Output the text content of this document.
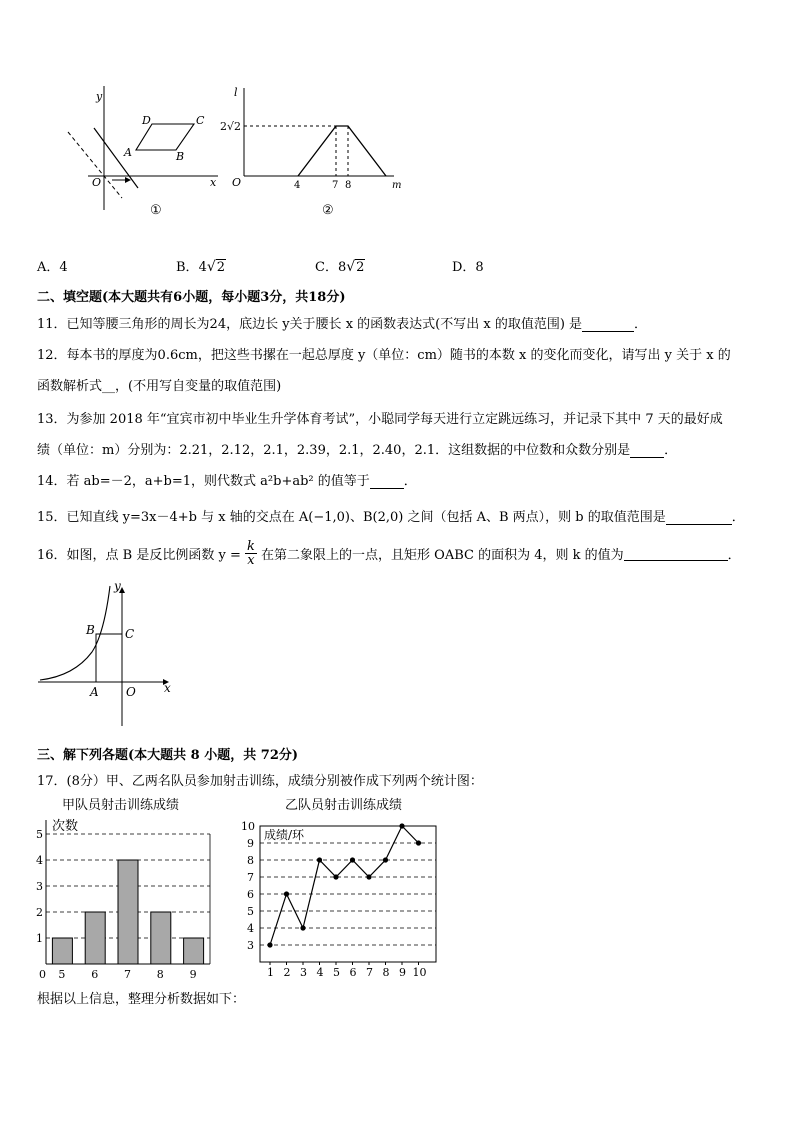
y
x
O
D	C
A	B
①
l
m
O
2√2
4	7 8
②
A．4	B．4√2	C．8√2	D．8
二、填空题(本大题共有6小题，每小题3分，共18分)
11．已知等腰三角形的周长为24，底边长 y关于腰长 x 的函数表达式(不写出 x 的取值范围) 是	．
12．每本书的厚度为0.6cm，把这些书摞在一起总厚度 y（单位：cm）随书的本数 x 的变化而变化，请写出 y 关于 x 的
函数解析式__，(不用写自变量的取值范围)
13．为参加 2018 年“宜宾市初中毕业生升学体育考试”，小聪同学每天进行立定跳远练习，并记录下其中 7 天的最好成
绩（单位：m）分别为：2.21，2.12，2.1，2.39，2.1，2.40，2.1．这组数据的中位数和众数分别是	．
14．若 ab=－2，a+b=1，则代数式 a²b+ab² 的值等于	．
15．已知直线 y=3x－4+b 与 x 轴的交点在 A(−1,0)、B(2,0) 之间（包括 A、B 两点），则 b 的取值范围是	．
16．如图，点 B 是反比例函数 $y = \frac{k}{x}$ 在第二象限上的一点，且矩形 OABC 的面积为 4，则 k 的值为	．
y
x
B	C
A O
三、解下列各题(本大题共 8 小题，共 72分)
17．(8分）甲、乙两名队员参加射击训练，成绩分别被作成下列两个统计图：
甲队员射击训练成绩
次数
0
1
2
3
4
5
5 6 7 8 9
乙队员射击训练成绩
成绩/环
3
4
5
6
7
8
9
10
1 2 3 4 5 6 7 8 9 10
根据以上信息，整理分析数据如下：
